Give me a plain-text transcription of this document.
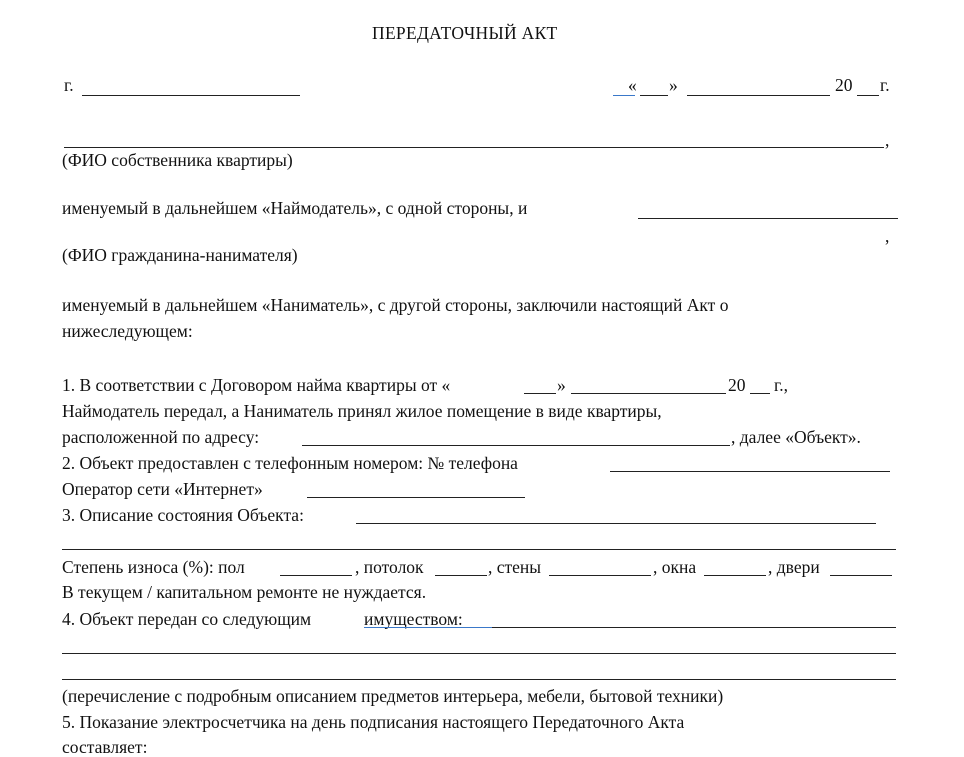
ПЕРЕДАТОЧНЫЙ АКТ
г.	« »	20 г.
,
(ФИО собственника квартиры)
именуемый в дальнейшем «Наймодатель», с одной стороны, и
,
(ФИО гражданина-нанимателя)
именуемый в дальнейшем «Наниматель», с другой стороны, заключили настоящий Акт о
нижеследующем:
1. В соответствии с Договором найма квартиры от «	»	20 г.,
Наймодатель передал, а Наниматель принял жилое помещение в виде квартиры,
расположенной по адресу:	, далее «Объект».
2. Объект предоставлен с телефонным номером: № телефона
Оператор сети «Интернет»
3. Описание состояния Объекта:
Степень износа (%): пол	, потолок	, стены	, окна	, двери
В текущем / капитальном ремонте не нуждается.
4. Объект передан со следующим	имуществом:
(перечисление с подробным описанием предметов интерьера, мебели, бытовой техники)
5. Показание электросчетчика на день подписания настоящего Передаточного Акта
составляет:
